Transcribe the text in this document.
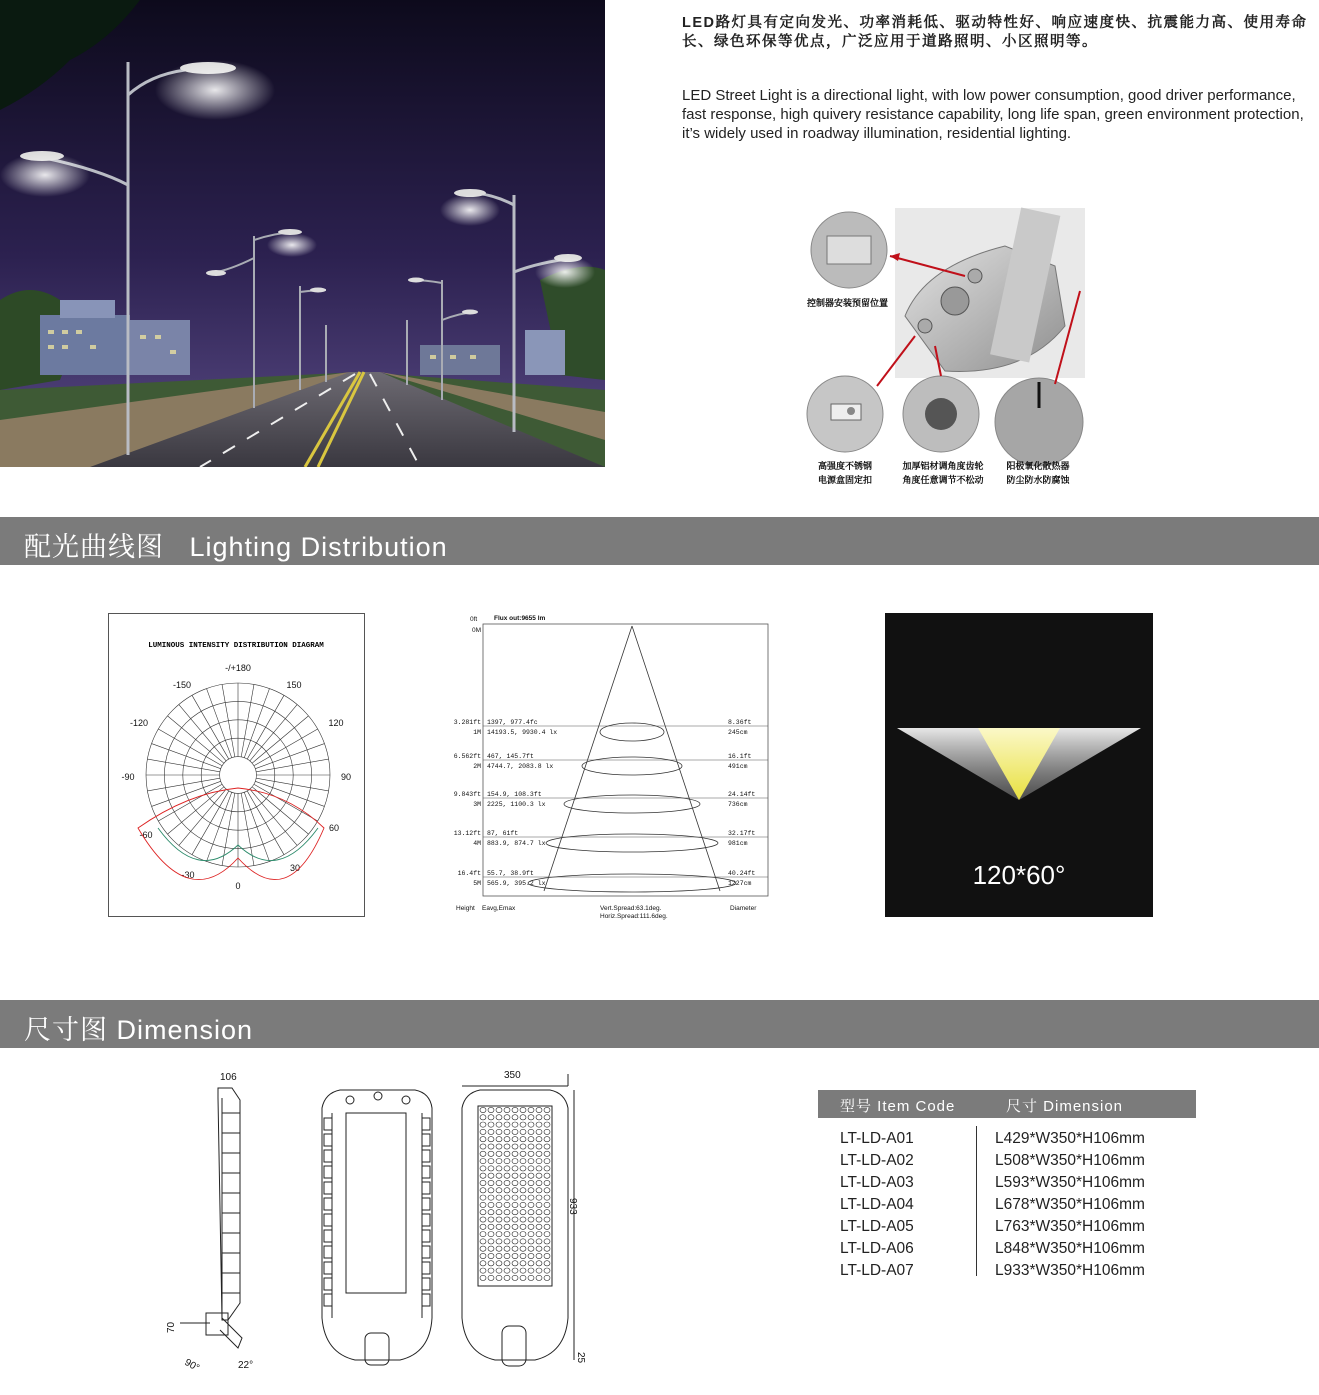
LED路灯具有定向发光、功率消耗低、驱动特性好、响应速度快、抗震能力高、使用寿命长、绿色环保等优点，广泛应用于道路照明、小区照明等。
LED Street Light is a directional light, with low power consumption, good driver performance, fast response, high quivery resistance capability, long life span, green environment protection, it’s widely used in roadway illumination, residential lighting.
控制器安装预留位置
高强度不锈钢
电源盒固定扣
加厚铝材调角度齿轮
角度任意调节不松动
阳极氧化散热器
防尘防水防腐蚀
配光曲线图   Lighting Distribution
LUMINOUS INTENSITY DISTRIBUTION DIAGRAM
-/+180
-150	150
-120	120
-90	90
-60
60
-30
30
0
0ft
0M
Flux out:9655 lm
3.281ft
1M
1397, 977.4fc
14193.5, 9930.4 lx
8.36ft
245cm
6.562ft
2M
467, 145.7ft
4744.7, 2083.8 lx
16.1ft
491cm
9.843ft
3M
154.9, 108.3ft
2225, 1100.3 lx
24.14ft
736cm
13.12ft
4M
87, 61ft
883.9, 874.7 lx
32.17ft
981cm
16.4ft
5M
55.7, 38.9ft
565.9, 395.2 lx
40.24ft
1227cm
Height Eavg,Emax	Vert.Spread:63.1deg.
Horiz.Spread:111.6deg.
Diameter
120*60°
尺寸图 Dimension
106	350
933
70
90°	22°
25
型号 Item Code	尺寸 Dimension
LT-LD-A01	L429*W350*H106mm
LT-LD-A02	L508*W350*H106mm
LT-LD-A03	L593*W350*H106mm
LT-LD-A04	L678*W350*H106mm
LT-LD-A05	L763*W350*H106mm
LT-LD-A06	L848*W350*H106mm
LT-LD-A07	L933*W350*H106mm
